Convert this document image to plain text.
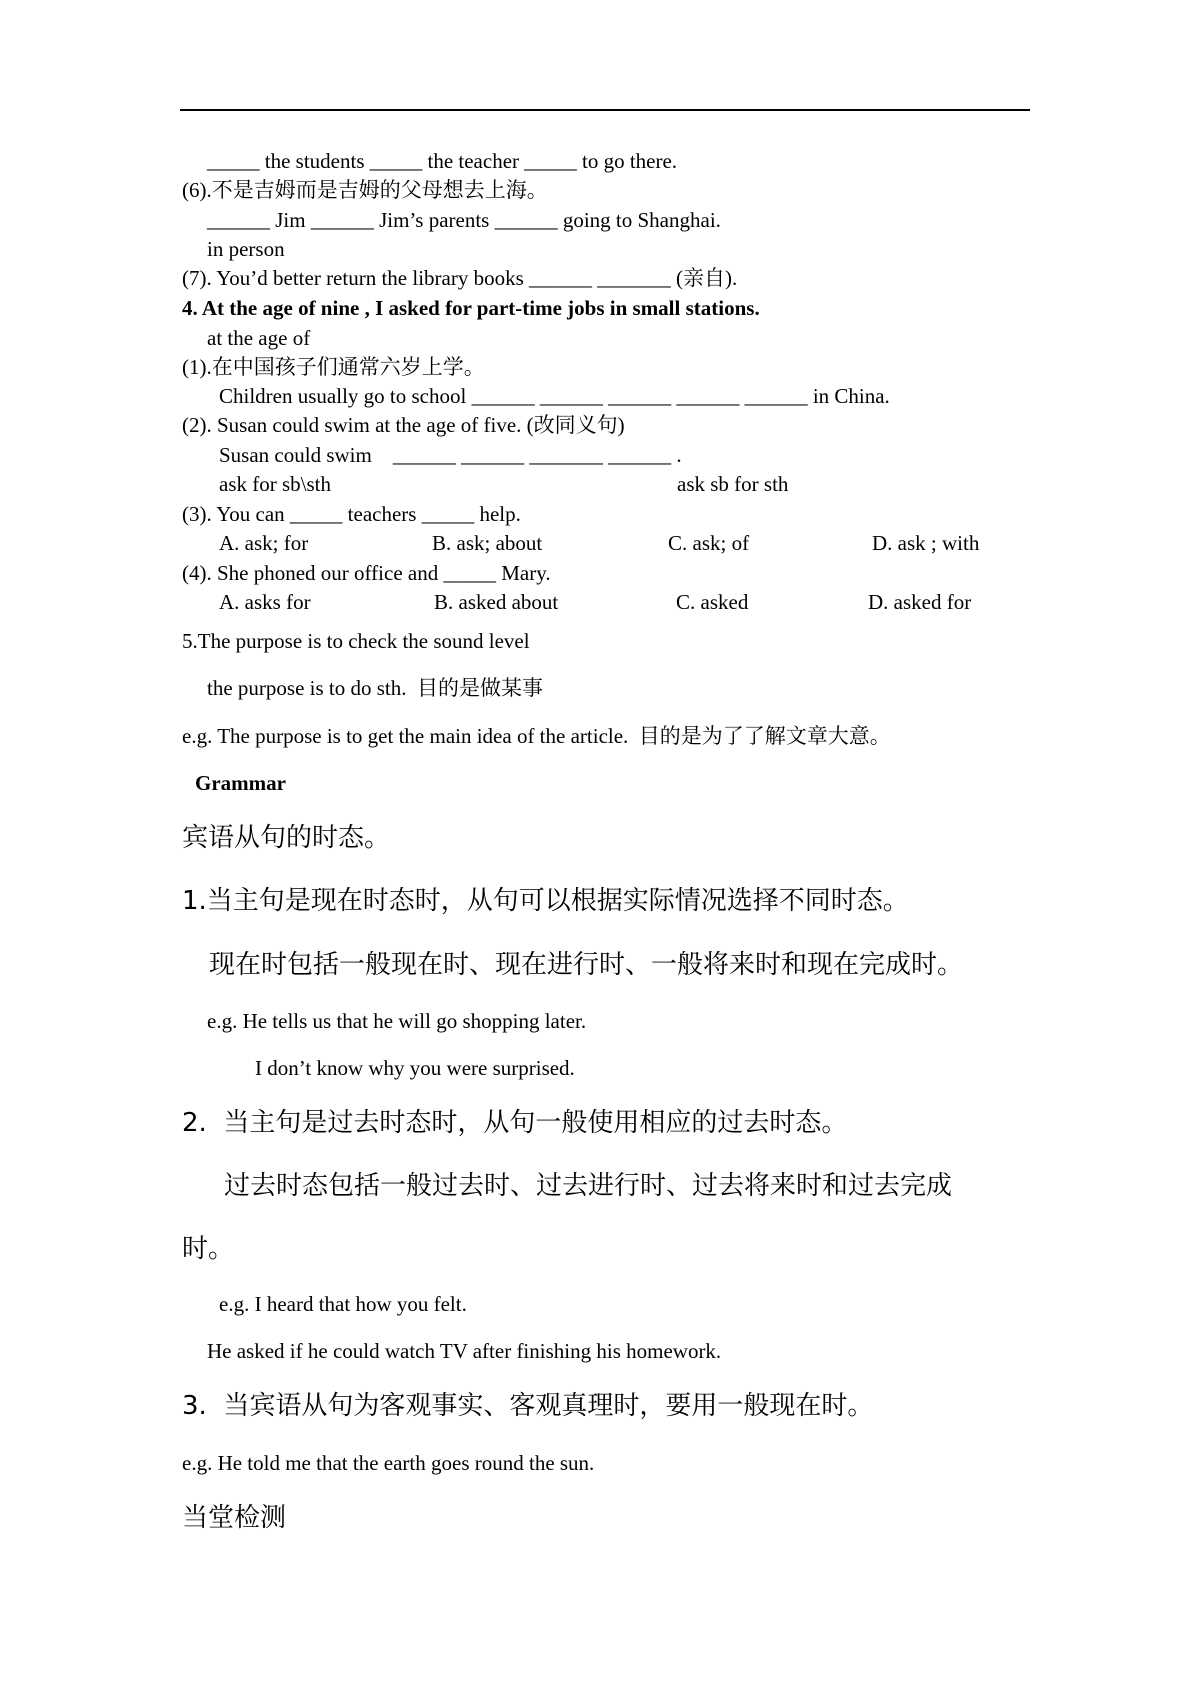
_____ the students _____ the teacher _____ to go there.
(6).不是吉姆而是吉姆的父母想去上海。
______ Jim ______ Jim’s parents ______ going to Shanghai.
in person
(7). You’d better return the library books ______ _______ (亲自).
4. At the age of nine , I asked for part-time jobs in small stations.
at the age of
(1).在中国孩子们通常六岁上学。
Children usually go to school ______ ______ ______ ______ ______ in China.
(2). Susan could swim at the age of five. (改同义句)
Susan could swim    ______ ______ _______ ______ .
ask for sb\sth	ask sb for sth
(3). You can _____ teachers _____ help.
A. ask; for	B. ask; about	C. ask; of	D. ask ; with
(4). She phoned our office and _____ Mary.
A. asks for	B. asked about	C. asked	D. asked for
5.The purpose is to check the sound level
the purpose is to do sth.  目的是做某事
e.g. The purpose is to get the main idea of the article.  目的是为了了解文章大意。
Grammar
宾语从句的时态。
1.当主句是现在时态时，从句可以根据实际情况选择不同时态。
现在时包括一般现在时、现在进行时、一般将来时和现在完成时。
e.g. He tells us that he will go shopping later.
I don’t know why you were surprised.
2.  当主句是过去时态时，从句一般使用相应的过去时态。
过去时态包括一般过去时、过去进行时、过去将来时和过去完成
时。
e.g. I heard that how you felt.
He asked if he could watch TV after finishing his homework.
3.  当宾语从句为客观事实、客观真理时，要用一般现在时。
e.g. He told me that the earth goes round the sun.
当堂检测
